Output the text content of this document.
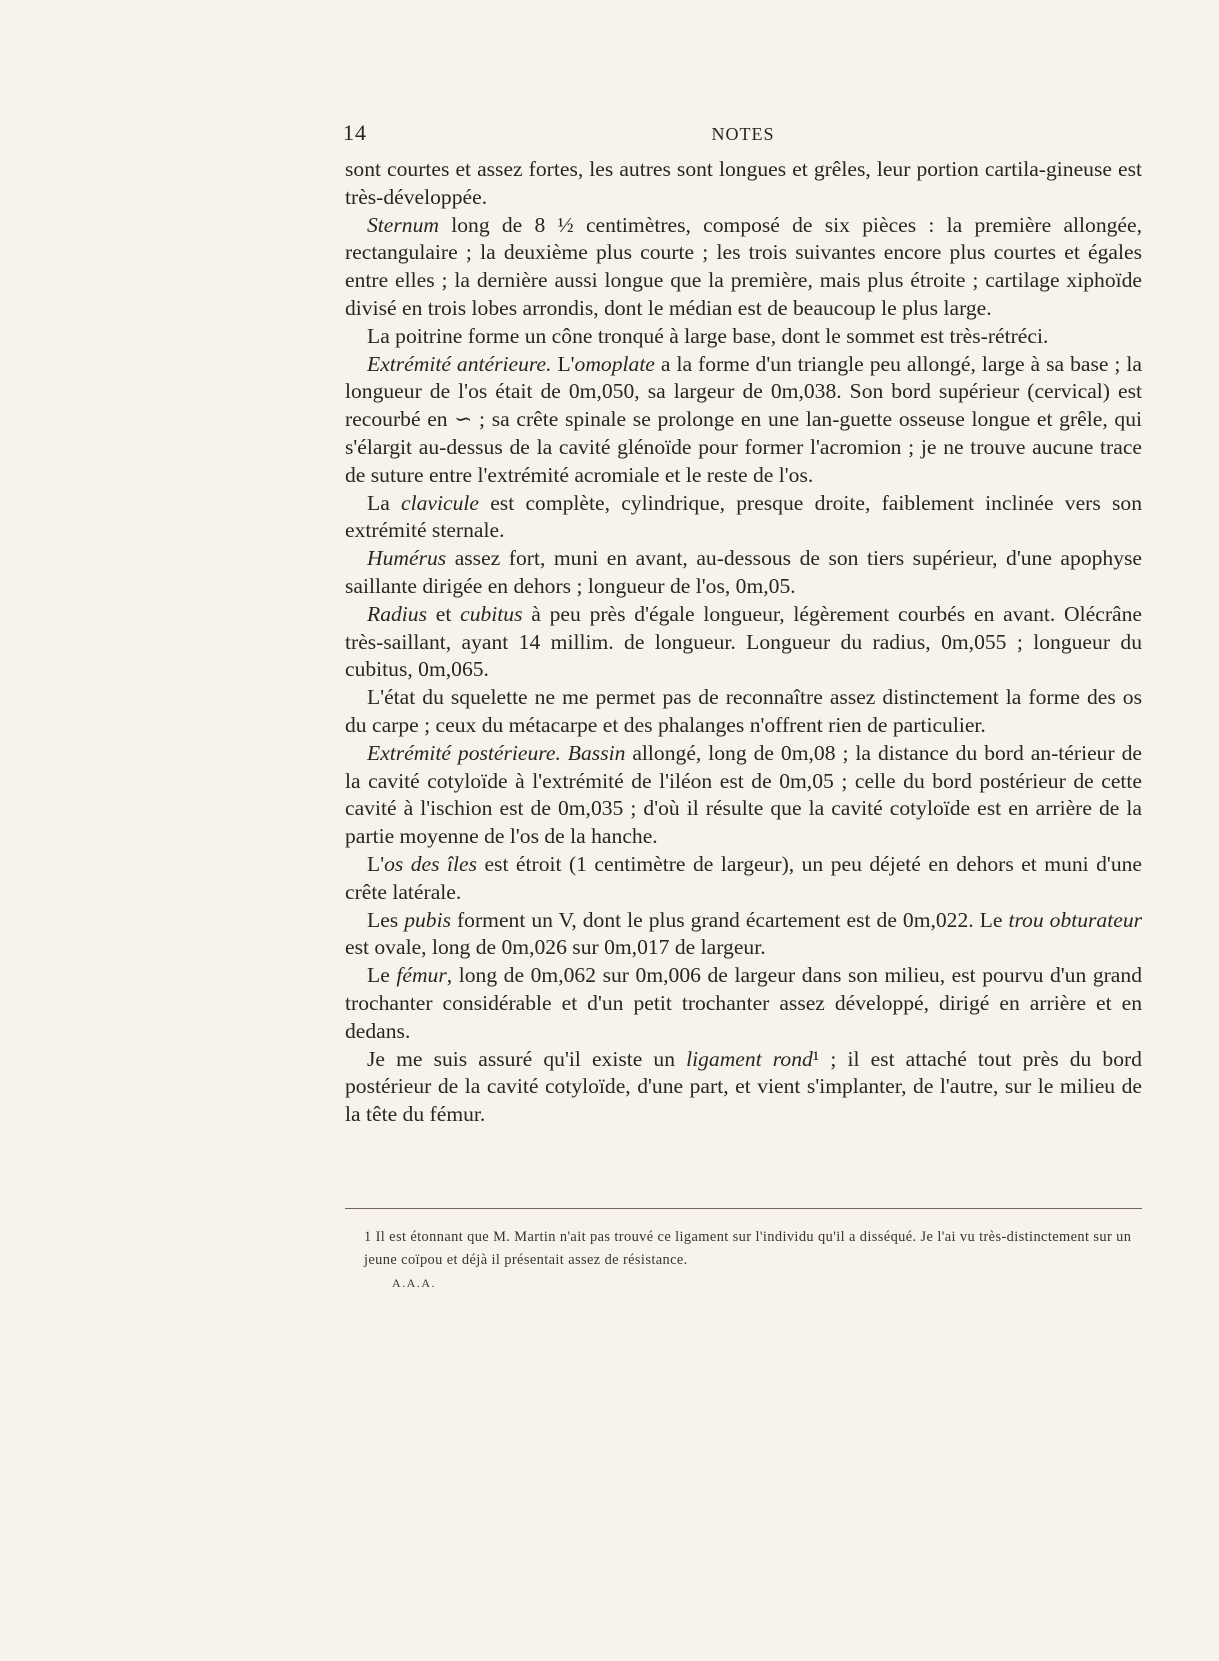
14	NOTES

sont courtes et assez fortes, les autres sont longues et grêles, leur portion cartila-gineuse est très-développée.

Sternum long de 8 ½ centimètres, composé de six pièces : la première allongée, rectangulaire ; la deuxième plus courte ; les trois suivantes encore plus courtes et égales entre elles ; la dernière aussi longue que la première, mais plus étroite ; cartilage xiphoïde divisé en trois lobes arrondis, dont le médian est de beaucoup le plus large.

La poitrine forme un cône tronqué à large base, dont le sommet est très-rétréci.

Extrémité antérieure. L'omoplate a la forme d'un triangle peu allongé, large à sa base ; la longueur de l'os était de 0m,050, sa largeur de 0m,038. Son bord supérieur (cervical) est recourbé en ∽ ; sa crête spinale se prolonge en une lan-guette osseuse longue et grêle, qui s'élargit au-dessus de la cavité glénoïde pour former l'acromion ; je ne trouve aucune trace de suture entre l'extrémité acromiale et le reste de l'os.

La clavicule est complète, cylindrique, presque droite, faiblement inclinée vers son extrémité sternale.

Humérus assez fort, muni en avant, au-dessous de son tiers supérieur, d'une apophyse saillante dirigée en dehors ; longueur de l'os, 0m,05.

Radius et cubitus à peu près d'égale longueur, légèrement courbés en avant. Olécrâne très-saillant, ayant 14 millim. de longueur. Longueur du radius, 0m,055 ; longueur du cubitus, 0m,065.

L'état du squelette ne me permet pas de reconnaître assez distinctement la forme des os du carpe ; ceux du métacarpe et des phalanges n'offrent rien de particulier.

Extrémité postérieure. Bassin allongé, long de 0m,08 ; la distance du bord an-térieur de la cavité cotyloïde à l'extrémité de l'iléon est de 0m,05 ; celle du bord postérieur de cette cavité à l'ischion est de 0m,035 ; d'où il résulte que la cavité cotyloïde est en arrière de la partie moyenne de l'os de la hanche.

L'os des îles est étroit (1 centimètre de largeur), un peu déjeté en dehors et muni d'une crête latérale.

Les pubis forment un V, dont le plus grand écartement est de 0m,022. Le trou obturateur est ovale, long de 0m,026 sur 0m,017 de largeur.

Le fémur, long de 0m,062 sur 0m,006 de largeur dans son milieu, est pourvu d'un grand trochanter considérable et d'un petit trochanter assez développé, dirigé en arrière et en dedans.

Je me suis assuré qu'il existe un ligament rond¹ ; il est attaché tout près du bord postérieur de la cavité cotyloïde, d'une part, et vient s'implanter, de l'autre, sur le milieu de la tête du fémur.

1 Il est étonnant que M. Martin n'ait pas trouvé ce ligament sur l'individu qu'il a disséqué. Je l'ai vu très-distinctement sur un jeune coïpou et déjà il présentait assez de résistance.

A.A.A.
